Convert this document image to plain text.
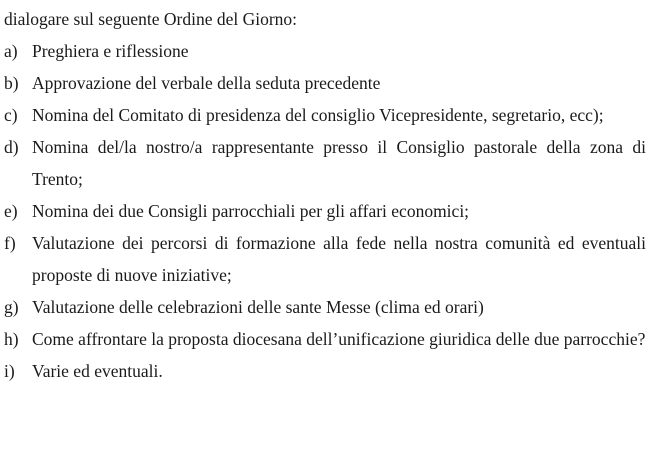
dialogare sul seguente Ordine del Giorno:
a) Preghiera e riflessione
b) Approvazione del verbale della seduta precedente
c) Nomina del Comitato di presidenza del consiglio Vicepresidente, segretario, ecc);
d) Nomina del/la nostro/a rappresentante presso il Consiglio pastorale della zona di Trento;
e) Nomina dei due Consigli parrocchiali per gli affari economici;
f) Valutazione dei percorsi di formazione alla fede nella nostra comunità ed eventuali proposte di nuove iniziative;
g) Valutazione delle celebrazioni delle sante Messe (clima ed orari)
h) Come affrontare la proposta diocesana dell’unificazione giuridica delle due parrocchie?
i) Varie ed eventuali.
